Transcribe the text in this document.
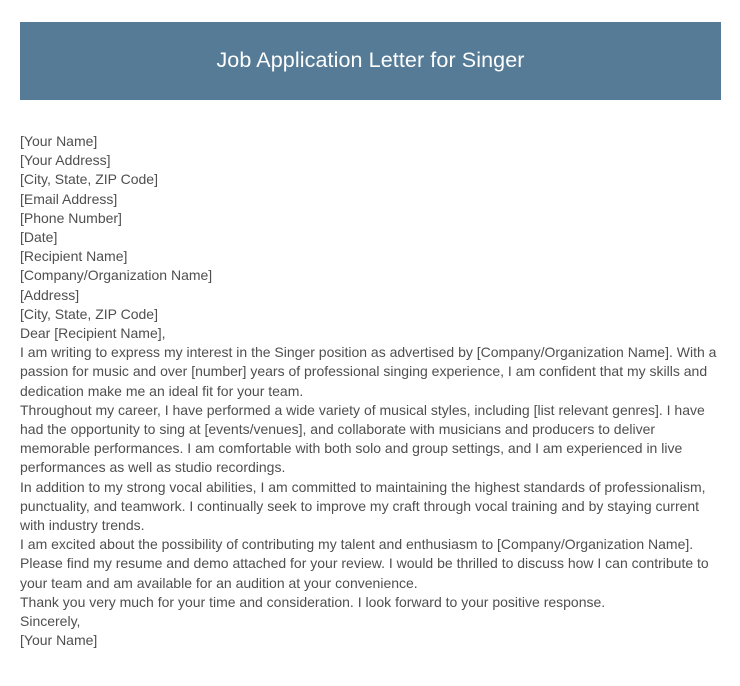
Job Application Letter for Singer
[Your Name]
[Your Address]
[City, State, ZIP Code]
[Email Address]
[Phone Number]
[Date]
[Recipient Name]
[Company/Organization Name]
[Address]
[City, State, ZIP Code]
Dear [Recipient Name],

I am writing to express my interest in the Singer position as advertised by [Company/Organization Name]. With a passion for music and over [number] years of professional singing experience, I am confident that my skills and dedication make me an ideal fit for your team.

Throughout my career, I have performed a wide variety of musical styles, including [list relevant genres]. I have had the opportunity to sing at [events/venues], and collaborate with musicians and producers to deliver memorable performances. I am comfortable with both solo and group settings, and I am experienced in live performances as well as studio recordings.

In addition to my strong vocal abilities, I am committed to maintaining the highest standards of professionalism, punctuality, and teamwork. I continually seek to improve my craft through vocal training and by staying current with industry trends.

I am excited about the possibility of contributing my talent and enthusiasm to [Company/Organization Name]. Please find my resume and demo attached for your review. I would be thrilled to discuss how I can contribute to your team and am available for an audition at your convenience.

Thank you very much for your time and consideration. I look forward to your positive response.

Sincerely,
[Your Name]
